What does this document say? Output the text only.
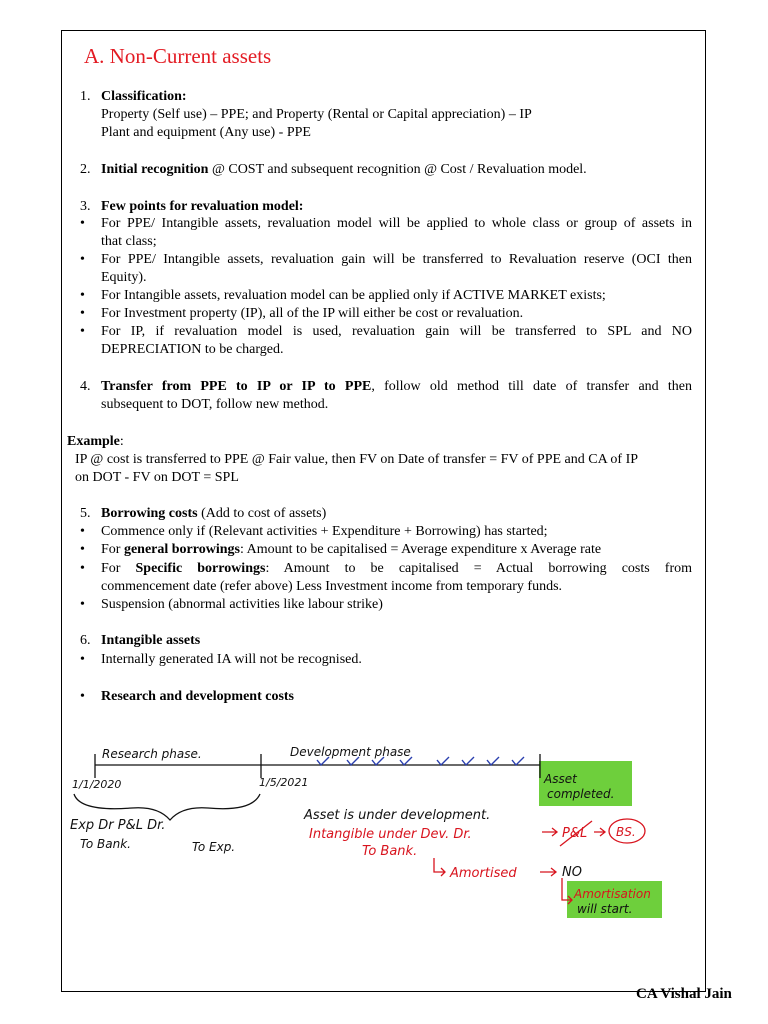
A. Non-Current assets
1. Classification:
Property (Self use) – PPE; and Property (Rental or Capital appreciation) – IP
Plant and equipment (Any use) - PPE
2. Initial recognition @ COST and subsequent recognition @ Cost / Revaluation model.
3. Few points for revaluation model:
• For PPE/ Intangible assets, revaluation model will be applied to whole class or group of assets in
that class;
• For PPE/ Intangible assets, revaluation gain will be transferred to Revaluation reserve (OCI then
Equity).
• For Intangible assets, revaluation model can be applied only if ACTIVE MARKET exists;
• For Investment property (IP), all of the IP will either be cost or revaluation.
• For IP, if revaluation model is used, revaluation gain will be transferred to SPL and NO
DEPRECIATION to be charged.
4. Transfer from PPE to IP or IP to PPE, follow old method till date of transfer and then
subsequent to DOT, follow new method.
Example:
IP @ cost is transferred to PPE @ Fair value, then FV on Date of transfer = FV of PPE and CA of IP
on DOT - FV on DOT = SPL
5. Borrowing costs (Add to cost of assets)
• Commence only if (Relevant activities + Expenditure + Borrowing) has started;
• For general borrowings: Amount to be capitalised = Average expenditure x Average rate
• For Specific borrowings: Amount to be capitalised = Actual borrowing costs from
commencement date (refer above) Less Investment income from temporary funds.
• Suspension (abnormal activities like labour strike)
6. Intangible assets
• Internally generated IA will not be recognised.
• Research and development costs
Research phase.	Development phase
1/1/2020	1/5/2021	Asset
completed.
Asset is under development.
Exp Dr P&L Dr.
To Bank.	To Exp.
Intangible under Dev. Dr.
To Bank.
P&L BS.
Amortised	NO
Amortisation
will start.
CA Vishal Jain
